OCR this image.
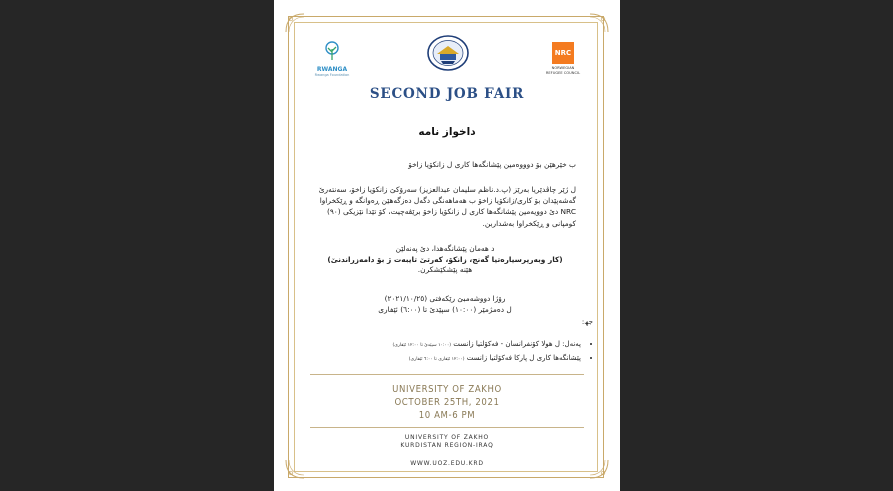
RWANGA
Rwanga Foundation
NRC
NORWEGIAN
REFUGEE COUNCIL
SECOND JOB FAIR
داخواز نامه
ب خێرهێن بۆ دوووەمین پێشانگەها کاری ل زانکۆیا زاخۆ
ل ژێر چاڤدێریا بەرێز (پ.د.ناظم سلیمان عبدالعزیز) سەرۆکێ زانکۆیا زاخۆ، سەنتەرێ گەشەپێدان بۆ کاری/زانکۆیا زاخۆ ب هەماهەنگی دگەل دەزگەهێن ڕەوانگە و ڕێکخراوا NRC دێ دوویەمین پێشانگەها کاری ل زانکۆیا زاخۆ برێڤەچیت، کۆ تێدا نێزیکی (٩٠) کومپانی و ڕێکخراوا بەشداربن.
د هەمان پێشانگەهدا، دێ پەنەلێن
(کار وبەرپرسیارەتیا گەنج، زانکۆ، کەرتێ تایبەت ژ بۆ دامەزراندنێ)
هێنە پێشکێشکرن.
رۆژا دووشەمبێ رێکەفتی (٢٠٢١/١٠/٢٥)
ل دەمژمێر (١٠:٠٠) سپێدێ تا (٦:٠٠) ئێفاری
جھ:
• پەنەل: ل هولا کۆنفرانسان - فەکۆلتیا زانست (١٠:٠٠ سپێدێ تا ١٢:٠٠ ئێفاری)
• پێشانگەها کاری ل پارکا فەکۆلتیا زانست (١٢:٠٠ ئێفاری تا ٦:٠٠ ئێفاری)
UNIVERSITY OF ZAKHO
OCTOBER 25TH, 2021
10 AM-6 PM
UNIVERSITY OF ZAKHO
KURDISTAN REGION-IRAQ
WWW.UOZ.EDU.KRD
